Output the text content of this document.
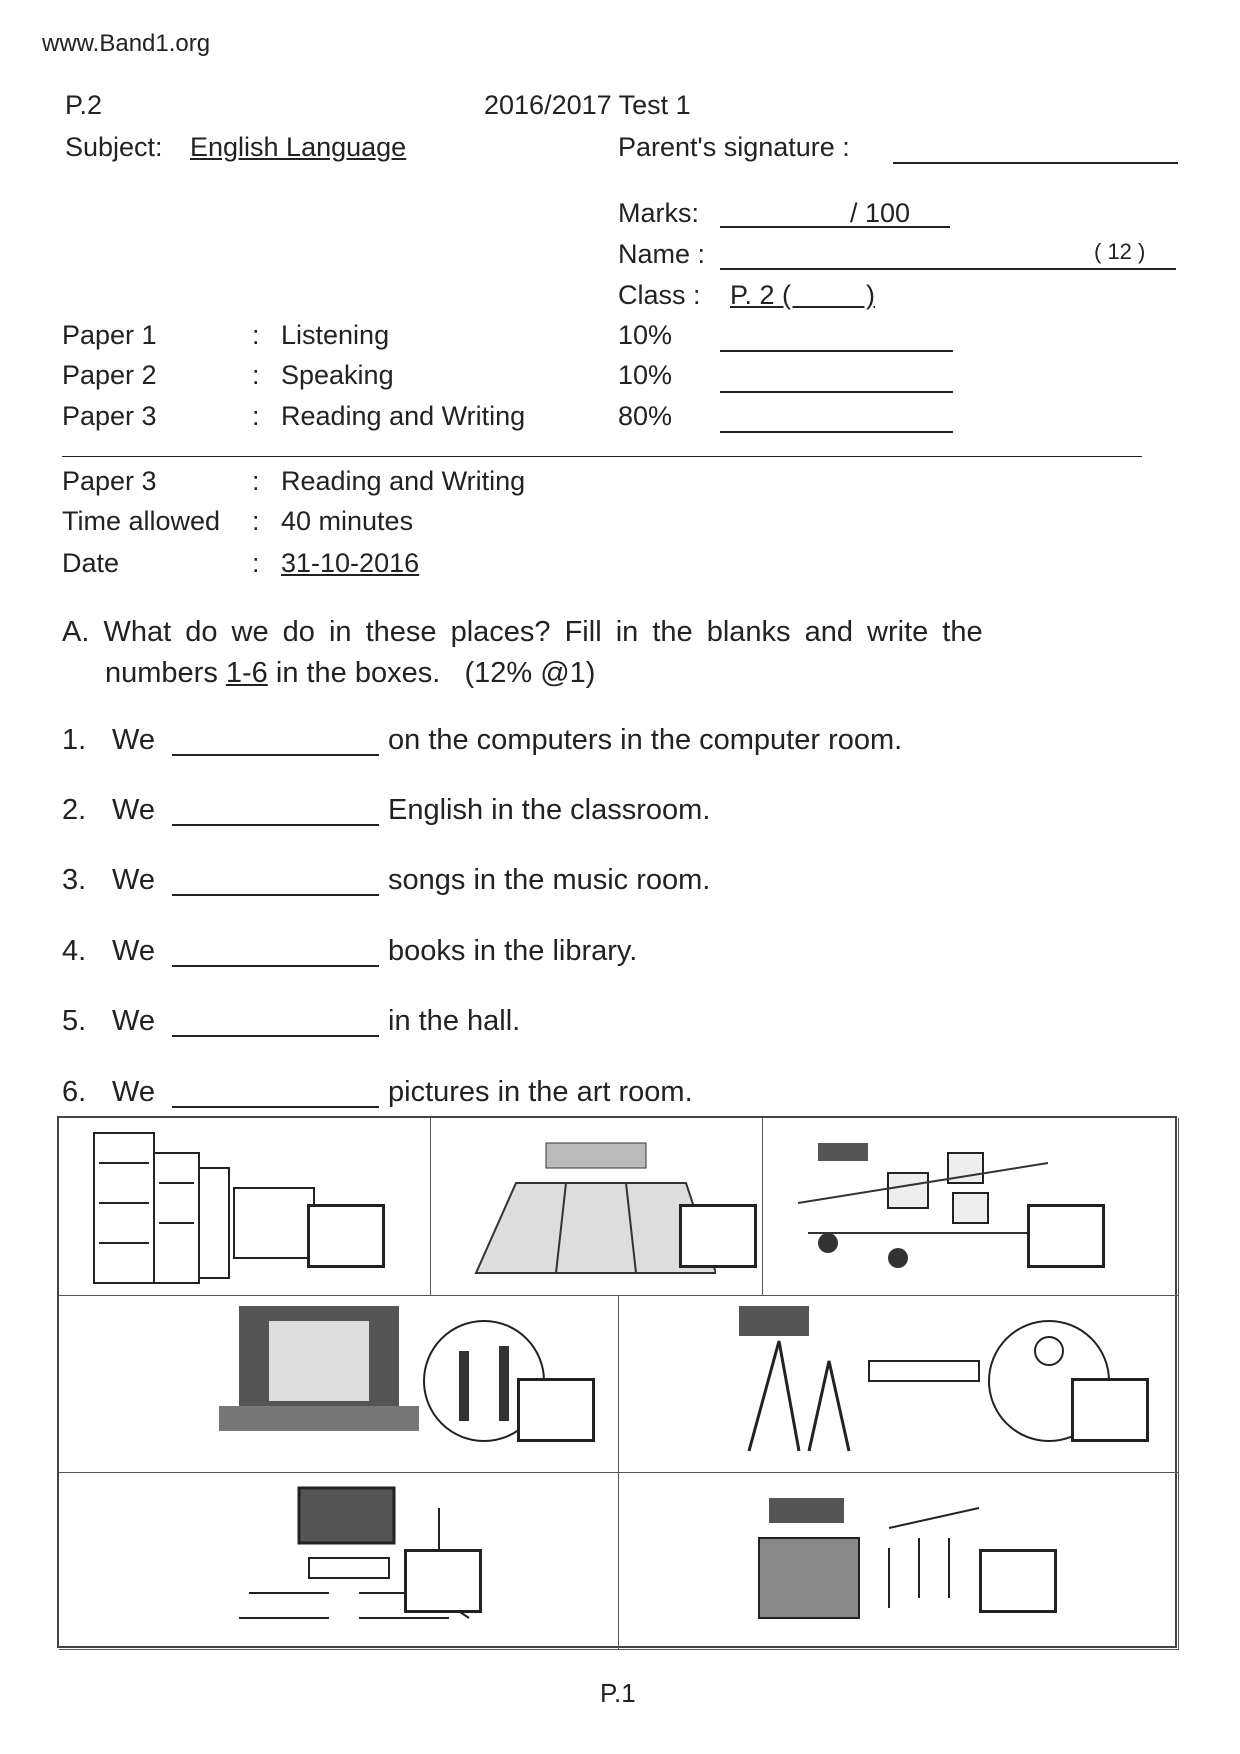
www.Band1.org
P.2	2016/2017 Test 1
Subject: English Language	Parent's signature :
Marks:	/ 100
Name :	( 12 )
Class : P. 2 (          )
Paper 1	: Listening	10%
Paper 2	: Speaking	10%
Paper 3	: Reading and Writing	80%
Paper 3	: Reading and Writing
Time allowed : 40 minutes
Date	: 31-10-2016
A. What do we do in these places? Fill in the blanks and write the
numbers 1-6 in the boxes.   (12% @1)
1. We	on the computers in the computer room.
2. We	English in the classroom.
3. We	songs in the music room.
4. We	books in the library.
5. We	in the hall.
6. We	pictures in the art room.
P.1
